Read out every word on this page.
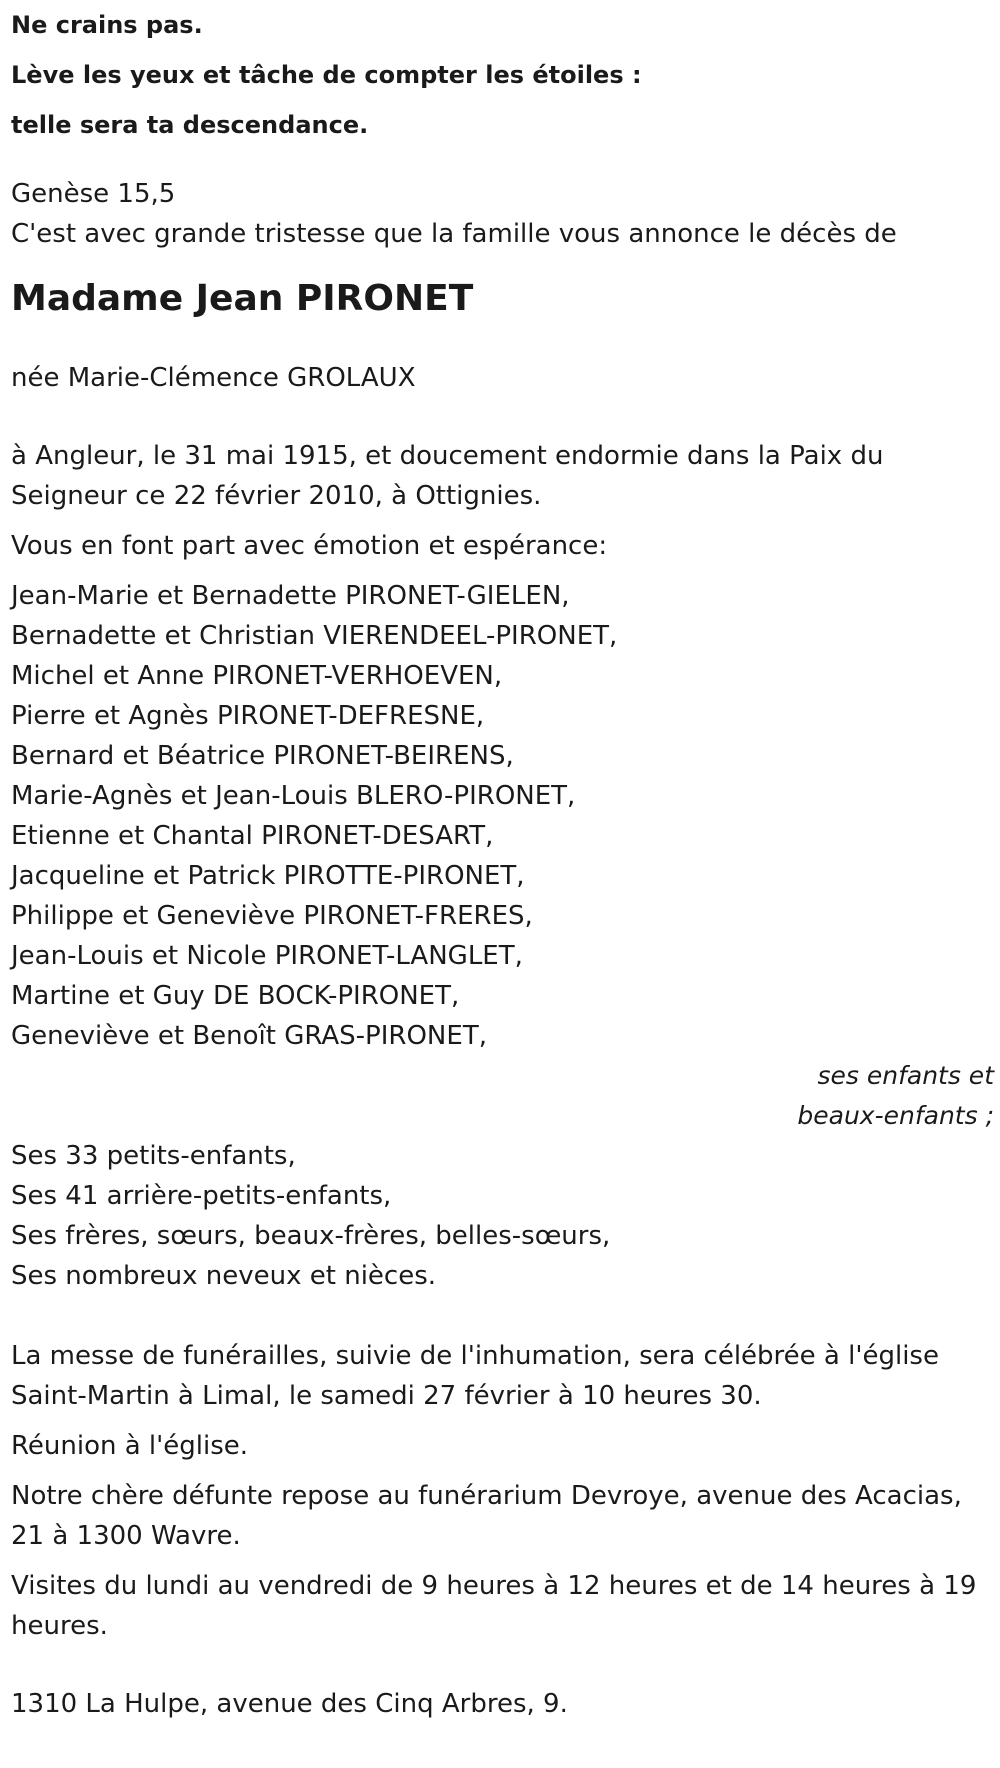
Ne crains pas.
Lève les yeux et tâche de compter les étoiles :
telle sera ta descendance.
Genèse 15,5
C'est avec grande tristesse que la famille vous annonce le décès de
Madame Jean PIRONET
née Marie-Clémence GROLAUX
à Angleur, le 31 mai 1915, et doucement endormie dans la Paix du
Seigneur ce 22 février 2010, à Ottignies.
Vous en font part avec émotion et espérance:
Jean-Marie et Bernadette PIRONET-GIELEN,
Bernadette et Christian VIERENDEEL-PIRONET,
Michel et Anne PIRONET-VERHOEVEN,
Pierre et Agnès PIRONET-DEFRESNE,
Bernard et Béatrice PIRONET-BEIRENS,
Marie-Agnès et Jean-Louis BLERO-PIRONET,
Etienne et Chantal PIRONET-DESART,
Jacqueline et Patrick PIROTTE-PIRONET,
Philippe et Geneviève PIRONET-FRERES,
Jean-Louis et Nicole PIRONET-LANGLET,
Martine et Guy DE BOCK-PIRONET,
Geneviève et Benoît GRAS-PIRONET,
ses enfants et
beaux-enfants ;
Ses 33 petits-enfants,
Ses 41 arrière-petits-enfants,
Ses frères, sœurs, beaux-frères, belles-sœurs,
Ses nombreux neveux et nièces.
La messe de funérailles, suivie de l'inhumation, sera célébrée à l'église
Saint-Martin à Limal, le samedi 27 février à 10 heures 30.
Réunion à l'église.
Notre chère défunte repose au funérarium Devroye, avenue des Acacias,
21 à 1300 Wavre.
Visites du lundi au vendredi de 9 heures à 12 heures et de 14 heures à 19
heures.
1310 La Hulpe, avenue des Cinq Arbres, 9.
